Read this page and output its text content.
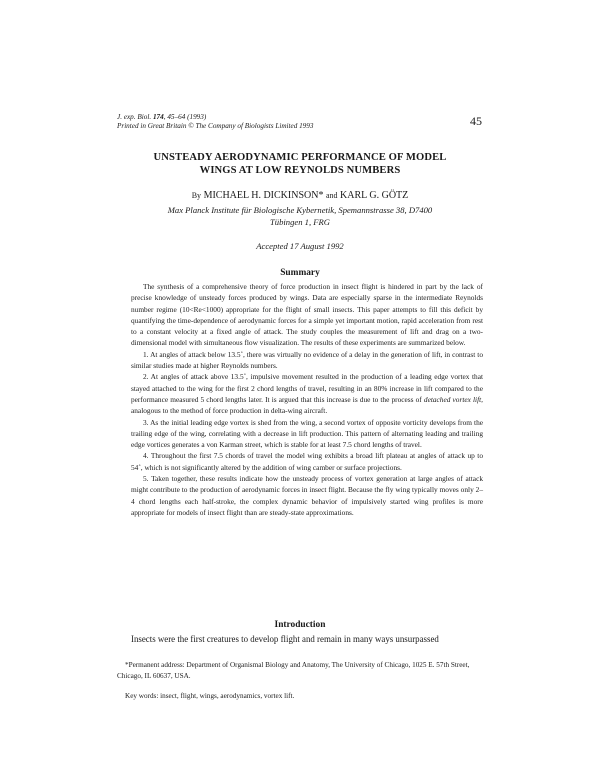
J. exp. Biol. 174, 45–64 (1993)
Printed in Great Britain © The Company of Biologists Limited 1993	45
UNSTEADY AERODYNAMIC PERFORMANCE OF MODEL
WINGS AT LOW REYNOLDS NUMBERS
By MICHAEL H. DICKINSON* and KARL G. GÖTZ
Max Planck Institute für Biologische Kybernetik, Spemannstrasse 38, D7400
Tübingen 1, FRG
Accepted 17 August 1992
Summary

The synthesis of a comprehensive theory of force production in insect flight is hindered in part by the lack of precise knowledge of unsteady forces produced by wings. Data are especially sparse in the intermediate Reynolds number regime (10<Re<1000) appropriate for the flight of small insects. This paper attempts to fill this deficit by quantifying the time-dependence of aerodynamic forces for a simple yet important motion, rapid acceleration from rest to a constant velocity at a fixed angle of attack. The study couples the measurement of lift and drag on a two-dimensional model with simultaneous flow visualization. The results of these experiments are summarized below.

1. At angles of attack below 13.5˚, there was virtually no evidence of a delay in the generation of lift, in contrast to similar studies made at higher Reynolds numbers.

2. At angles of attack above 13.5˚, impulsive movement resulted in the production of a leading edge vortex that stayed attached to the wing for the first 2 chord lengths of travel, resulting in an 80% increase in lift compared to the performance measured 5 chord lengths later. It is argued that this increase is due to the process of detached vortex lift, analogous to the method of force production in delta-wing aircraft.

3. As the initial leading edge vortex is shed from the wing, a second vortex of opposite vorticity develops from the trailing edge of the wing, correlating with a decrease in lift production. This pattern of alternating leading and trailing edge vortices generates a von Karman street, which is stable for at least 7.5 chord lengths of travel.

4. Throughout the first 7.5 chords of travel the model wing exhibits a broad lift plateau at angles of attack up to 54˚, which is not significantly altered by the addition of wing camber or surface projections.

5. Taken together, these results indicate how the unsteady process of vortex generation at large angles of attack might contribute to the production of aerodynamic forces in insect flight. Because the fly wing typically moves only 2–4 chord lengths each half-stroke, the complex dynamic behavior of impulsively started wing profiles is more appropriate for models of insect flight than are steady-state approximations.

Introduction
Insects were the first creatures to develop flight and remain in many ways unsurpassed
*Permanent address: Department of Organismal Biology and Anatomy, The University of Chicago, 1025 E. 57th Street, Chicago, IL 60637, USA.
Key words: insect, flight, wings, aerodynamics, vortex lift.
